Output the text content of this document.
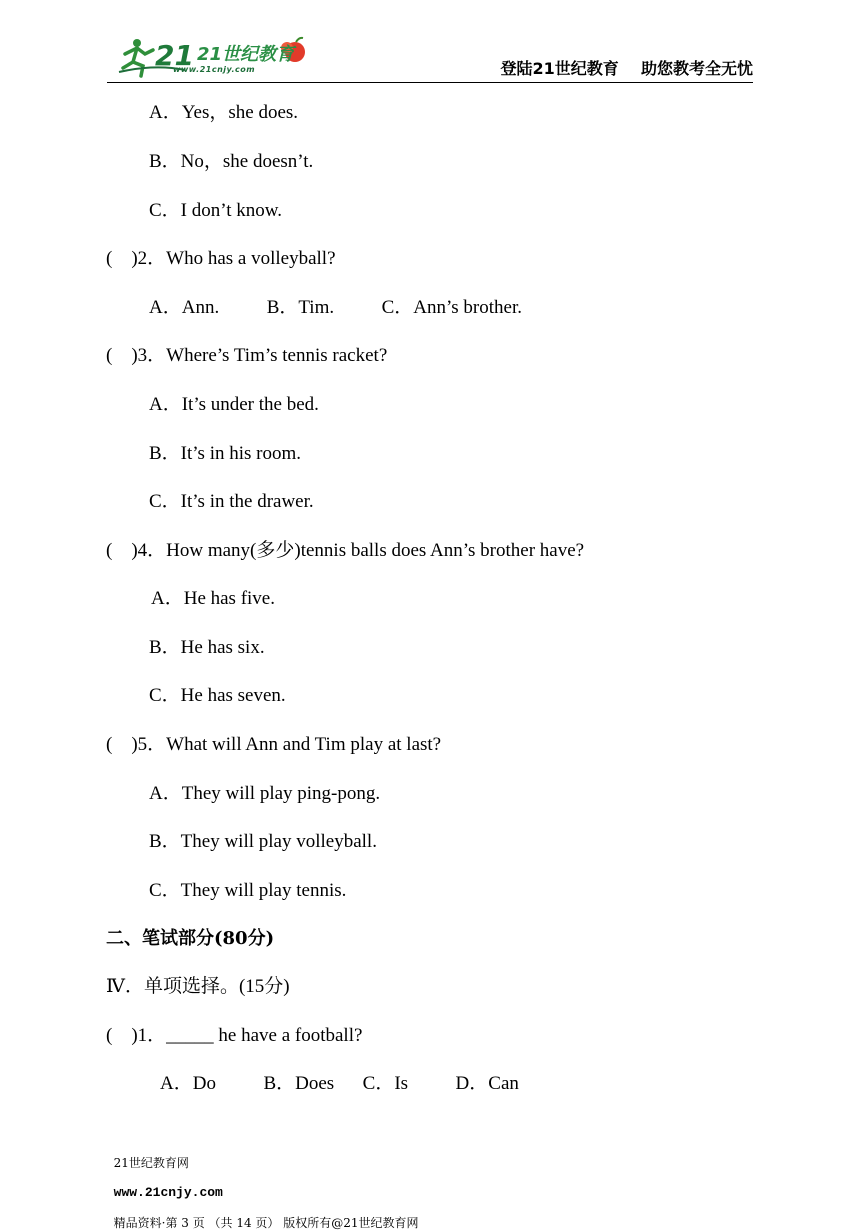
21 21世纪教育
www.21cnjy.com	登陆21世纪教育    助您教考全无忧
A．Yes，she does.
B．No，she doesn’t.
C．I don’t know.
(    )2．Who has a volleyball?
A．Ann.          B．Tim.          C．Ann’s brother.
(    )3．Where’s Tim’s tennis racket?
A．It’s under the bed.
B．It’s in his room.
C．It’s in the drawer.
(    )4．How many(多少)tennis balls does Ann’s brother have?
A．He has five.
B．He has six.
C．He has seven.
(    )5．What will Ann and Tim play at last?
A．They will play ping-pong.
B．They will play volleyball.
C．They will play tennis.
二、笔试部分(80分)
Ⅳ．单项选择。(15分)
(    )1．_____ he have a football?
A．Do          B．Does      C．Is          D．Can

21世纪教育网

www.21cnjy.com

精品资料·第 3 页 （共 14 页） 版权所有@21世纪教育网
